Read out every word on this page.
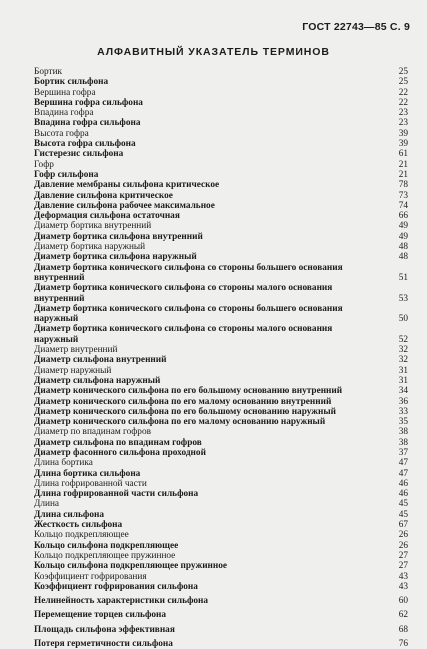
ГОСТ 22743—85 С. 9
АЛФАВИТНЫЙ УКАЗАТЕЛЬ ТЕРМИНОВ
Бортик	25
Бортик сильфона	25
Вершина гофра	22
Вершина гофра сильфона	22
Впадина гофра	23
Впадина гофра сильфона	23
Высота гофра	39
Высота гофра сильфона	39
Гистерезис сильфона	61
Гофр	21
Гофр сильфона	21
Давление мембраны сильфона критическое	78
Давление сильфона критическое	73
Давление сильфона рабочее максимальное	74
Деформация сильфона остаточная	66
Диаметр бортика внутренний	49
Диаметр бортика сильфона внутренний	49
Диаметр бортика наружный	48
Диаметр бортика сильфона наружный	48
Диаметр бортика конического сильфона со стороны большего основания внутренний	51
Диаметр бортика конического сильфона со стороны малого основания внутренний	53
Диаметр бортика конического сильфона со стороны большего основания наружный	50
Диаметр бортика конического сильфона со стороны малого основания наружный	52
Диаметр внутренний	32
Диаметр сильфона внутренний	32
Диаметр наружный	31
Диаметр сильфона наружный	31
Диаметр конического сильфона по его большому основанию внутренний	34
Диаметр конического сильфона по его малому основанию внутренний	36
Диаметр конического сильфона по его большому основанию наружный	33
Диаметр конического сильфона по его малому основанию наружный	35
Диаметр по впадинам гофров	38
Диаметр сильфона по впадинам гофров	38
Диаметр фасонного сильфона проходной	37
Длина бортика	47
Длина бортика сильфона	47
Длина гофрированной части	46
Длина гофрированной части сильфона	46
Длина	45
Длина сильфона	45
Жесткость сильфона	67
Кольцо подкрепляющее	26
Кольцо сильфона подкрепляющее	26
Кольцо подкрепляющее пружинное	27
Кольцо сильфона подкрепляющее пружинное	27
Коэффициент гофрирования	43
Коэффициент гофрирования сильфона	43
Нелинейность характеристики сильфона	60
Перемещение торцев сильфона	62
Площадь сильфона эффективная	68
Потеря герметичности сильфона	76
